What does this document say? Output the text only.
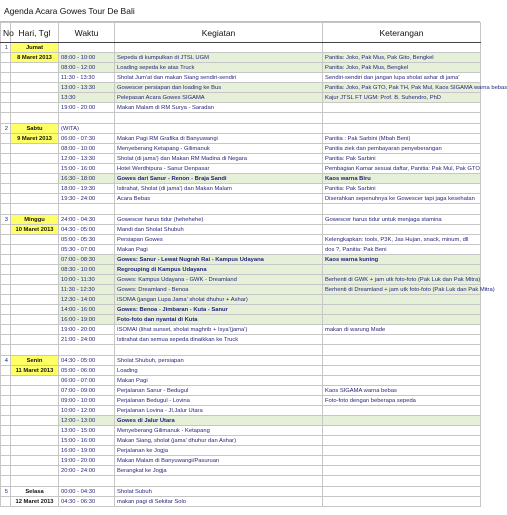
Agenda Acara Gowes Tour De Bali
No	Hari, Tgl	Waktu	Kegiatan	Keterangan
1	Jumat			
	8 Maret 2013	08:00 - 10:00	Sepeda di kumpulkan di JTSL UGM	Panitia: Joko, Pak Mus, Pak Gito, Bengkel
		08:00 - 12:00	Loading sepeda ke atas Truck	Panitia: Joko, Pak Mus, Bengkel
		11:30 - 13:30	Sholat Jum'at dan makan Siang sendiri-sendiri	Sendiri-sendiri dan jangan lupa sholat ashar di jama'
		13:00 - 13:30	Gowescer persiapan dan loading ke Bus	Panitia: Joko, Pak GTO, Pak TH, Pak Mul, Kaos SIGAMA warna bebas
		13:30	Pelepasan Acara Gowes SIGAMA	Kajur JTSL FT UGM: Prof. B. Suhendro, PhD
		19:00 - 20:00	Makan Malam di RM Surya - Saradan	

2	Sabtu	(WITA)		
	9 Maret 2013	06:00 - 07:30	Makan Pagi RM Grafika di Banyuwangi	Panitia : Pak Sarbini (Mbah Beni)
		08:00 - 10:00	Menyeberang Ketapang - Gilimanuk	Panitia ziek dan pembayaran penyeberangan
		12:00 - 13:30	Sholat (di jama') dan Makan RM Madina di Negara	Panitia: Pak Sarbini
		15:00 - 16:00	Hotel Werdhipura - Sanur Denpasar	Pembagian Kamar sesuai daftar, Panitia: Pak Mul, Pak GTO
		16:30 - 18:00	Gowes dari Sanur - Renon - Braja Sandi	Kaos warna Biru
		18:00 - 19:30	Istirahat, Sholat (di jama') dan Makan Malam	Panitia: Pak Sarbini
		19:30 - 24:00	Acara Bebas	Diserahkan sepenuhnya ke Gowescer tapi jaga kesehatan

3	Minggu	24:00 - 04:30	Gowescer harus tidur (hehehehe)	Gowescer harus tidur untuk menjaga stamina
	10 Maret 2013	04:30 - 05:00	Mandi dan Sholat Shubuh	
		05:00 - 05:30	Persiapan Gowes	Kelengkapkan: tools, P3K, Jas Hujan, snack, minum, dll
		05:30 - 07:00	Makan Pagi	dos ?, Panitia: Pak Beni
		07:00 - 08:30	Gowes: Sanur - Lewat Nugrah Rai - Kampus Udayana	Kaos warna kuning
		08:30 - 10:00	Regrouping di Kampus Udayana	
		10:00 - 11:30	Gowes: Kampus Udayana - GWK - Dreamland	Berhenti di GWK + jam utk foto-foto (Pak Luk dan Pak Mitra)
		11:30 - 12:30	Gowes: Dreamland - Benoa	Berhenti di Dreamland + jam utk foto-foto (Pak Luk dan Pak Mitra)
		12:30 - 14:00	ISOMA (jangan Lupa Jama' sholat dhuhur + Ashar)	
		14:00 - 16:00	Gowes: Benoa - Jimbaran - Kuta - Sanur	
		16:00 - 19:00	Foto-foto dan nyantai di Kuta	
		19:00 - 20:00	ISOMAI (lihat sunset, sholat maghrib + Isya'(jama')	makan di warung Made
		21:00 - 24:00	Istirahat dan semua sepeda dinaikkan ke Truck	

4	Senin	04:30 - 05:00	Sholat Shubuh, persiapan	
	11 Maret 2013	05:00 - 06:00	Loading	
		06:00 - 07:00	Makan Pagi	
		07:00 - 09:00	Perjalanan Sanur - Bedugul	Kaos SIGAMA warna bebas
		09:00 - 10:00	Perjalanan Bedugul - Lovina	Foto-foto dengan beberapa sepeda
		10:00 - 12:00	Perjalanan Lovina - Jl.Jalur Utara	
		12:00 - 13:00	Gowes di Jalur Utara	
		13:00 - 15:00	Menyeberang Gilimanuk - Ketapang	
		15:00 - 16:00	Makan Siang, sholat (jama' dhuhur dan Ashar)	
		16:00 - 19:00	Perjalanan ke Jogja	
		19:00 - 20:00	Makan Malam di Banyuwangi/Pasuruan	
		20:00 - 24:00	Berangkat ke Jogja	

5	Selasa	00:00 - 04:30	Sholat Subuh	
	12 Maret 2013	04:30 - 06:30	makan pagi di Sekitar Solo	
